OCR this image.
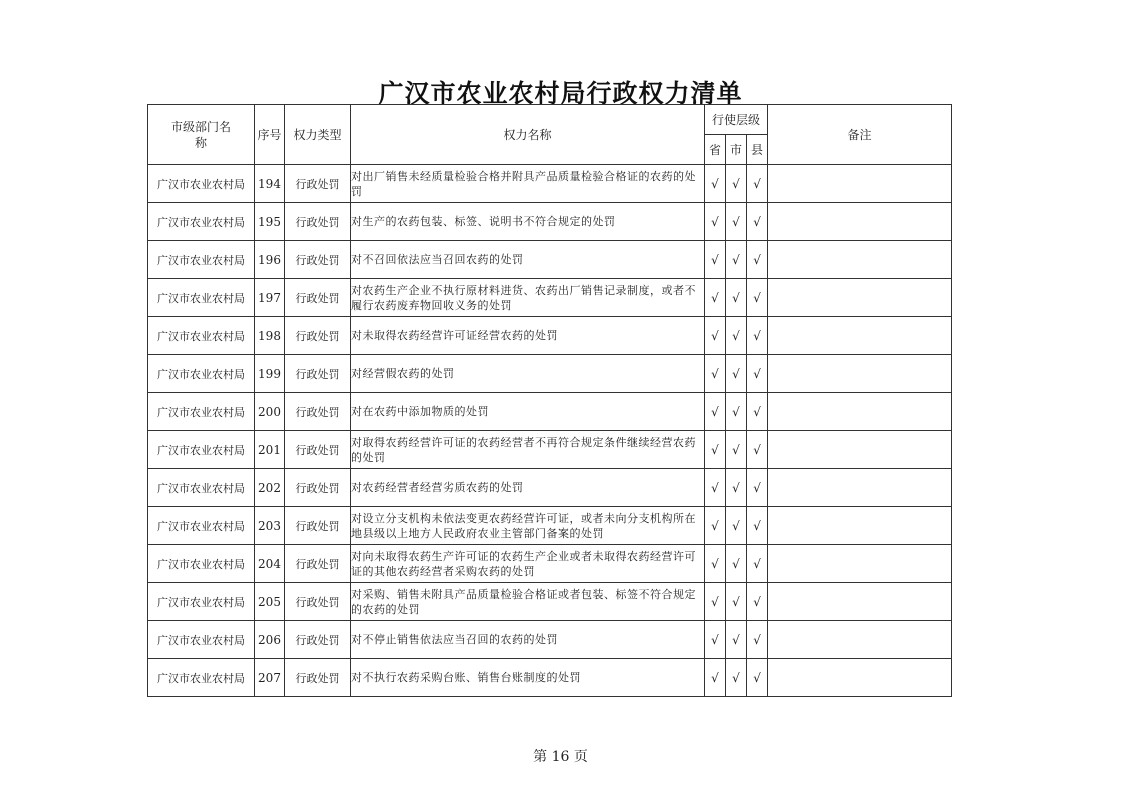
广汉市农业农村局行政权力清单
市级部门名称	序号	权力类型	权力名称	行使层级			备注
				省	市	县	
广汉市农业农村局	194	行政处罚	对出厂销售未经质量检验合格并附具产品质量检验合格证的农药的处罚	√	√	√	
广汉市农业农村局	195	行政处罚	对生产的农药包装、标签、说明书不符合规定的处罚	√	√	√	
广汉市农业农村局	196	行政处罚	对不召回依法应当召回农药的处罚	√	√	√	
广汉市农业农村局	197	行政处罚	对农药生产企业不执行原材料进货、农药出厂销售记录制度，或者不履行农药废弃物回收义务的处罚	√	√	√	
广汉市农业农村局	198	行政处罚	对未取得农药经营许可证经营农药的处罚	√	√	√	
广汉市农业农村局	199	行政处罚	对经营假农药的处罚	√	√	√	
广汉市农业农村局	200	行政处罚	对在农药中添加物质的处罚	√	√	√	
广汉市农业农村局	201	行政处罚	对取得农药经营许可证的农药经营者不再符合规定条件继续经营农药的处罚	√	√	√	
广汉市农业农村局	202	行政处罚	对农药经营者经营劣质农药的处罚	√	√	√	
广汉市农业农村局	203	行政处罚	对设立分支机构未依法变更农药经营许可证，或者未向分支机构所在地县级以上地方人民政府农业主管部门备案的处罚	√	√	√	
广汉市农业农村局	204	行政处罚	对向未取得农药生产许可证的农药生产企业或者未取得农药经营许可证的其他农药经营者采购农药的处罚	√	√	√	
广汉市农业农村局	205	行政处罚	对采购、销售未附具产品质量检验合格证或者包装、标签不符合规定的农药的处罚	√	√	√	
广汉市农业农村局	206	行政处罚	对不停止销售依法应当召回的农药的处罚	√	√	√	
广汉市农业农村局	207	行政处罚	对不执行农药采购台账、销售台账制度的处罚	√	√	√	
第 16 页
